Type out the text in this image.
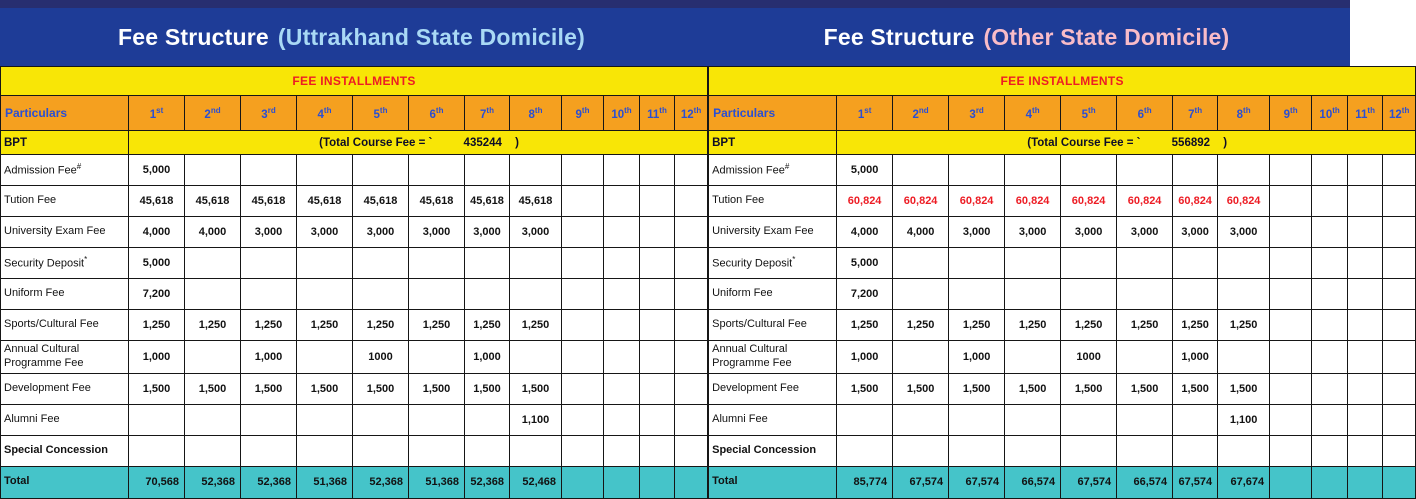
Fee Structure (Uttrakhand State Domicile)	Fee Structure (Other State Domicile)
FEE INSTALLMENTS												
Particulars	1st	2nd	3rd	4th	5th	6th	7th	8th	9th	10th	11th	12th
BPT	(Total Course Fee = ` 435244 )											
Admission Fee#	5,000											
Tution Fee	45,618	45,618	45,618	45,618	45,618	45,618	45,618	45,618				
University Exam Fee	4,000	4,000	3,000	3,000	3,000	3,000	3,000	3,000				
Security Deposit*	5,000											
Uniform Fee	7,200											
Sports/Cultural Fee	1,250	1,250	1,250	1,250	1,250	1,250	1,250	1,250				
Annual Cultural Programme Fee	1,000		1,000		1000		1,000					
Development Fee	1,500	1,500	1,500	1,500	1,500	1,500	1,500	1,500				
Alumni Fee								1,100				
Special Concession												
Total	70,568	52,368	52,368	51,368	52,368	51,368	52,368	52,468				
FEE INSTALLMENTS												
Particulars	1st	2nd	3rd	4th	5th	6th	7th	8th	9th	10th	11th	12th
BPT	(Total Course Fee = ` 556892 )											
Admission Fee#	5,000											
Tution Fee	60,824	60,824	60,824	60,824	60,824	60,824	60,824	60,824				
University Exam Fee	4,000	4,000	3,000	3,000	3,000	3,000	3,000	3,000				
Security Deposit*	5,000											
Uniform Fee	7,200											
Sports/Cultural Fee	1,250	1,250	1,250	1,250	1,250	1,250	1,250	1,250				
Annual Cultural Programme Fee	1,000		1,000		1000		1,000					
Development Fee	1,500	1,500	1,500	1,500	1,500	1,500	1,500	1,500				
Alumni Fee								1,100				
Special Concession												
Total	85,774	67,574	67,574	66,574	67,574	66,574	67,574	67,674				
